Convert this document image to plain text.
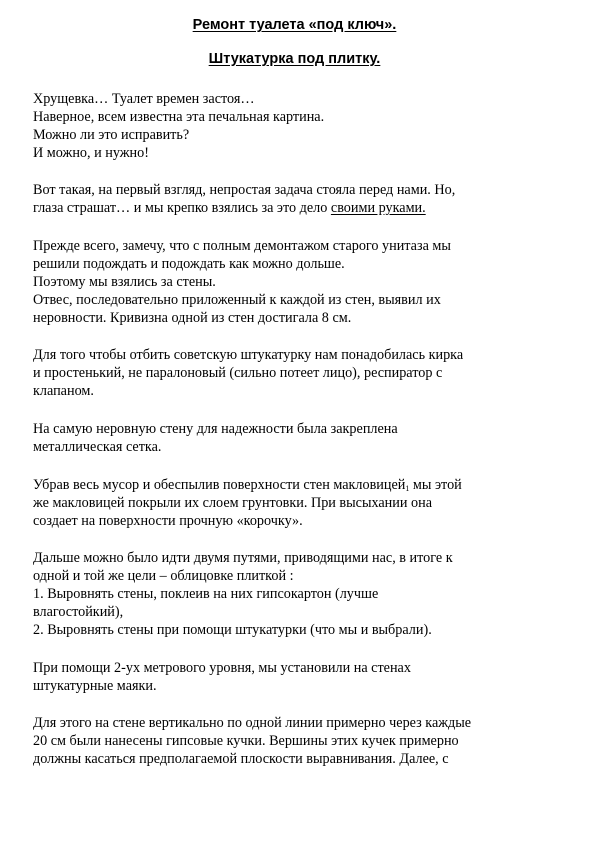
Ремонт туалета «под ключ».
Штукатурка под плитку.
Хрущевка… Туалет времен застоя…
Наверное, всем известна эта печальная картина.
Можно ли это исправить?
И можно, и нужно!
Вот такая, на первый взгляд, непростая задача стояла перед нами. Но,
глаза страшат… и мы крепко взялись за это дело своими руками.
Прежде всего, замечу, что с полным демонтажом старого унитаза мы
решили подождать и подождать как можно дольше.
Поэтому мы взялись за стены.
Отвес, последовательно приложенный к каждой из стен, выявил их
неровности. Кривизна одной из стен достигала 8 см.
Для того чтобы отбить советскую штукатурку нам понадобилась кирка
и простенький, не паралоновый (сильно потеет лицо), респиратор с
клапаном.
На самую неровную стену для надежности была закреплена
металлическая сетка.
Убрав весь мусор и обеспылив поверхности стен макловицей$_1$ мы этой
же макловицей покрыли их слоем грунтовки. При высыхании она
создает на поверхности прочную «корочку».
Дальше можно было идти двумя путями, приводящими нас, в итоге к
одной и той же цели – облицовке плиткой :
1. Выровнять стены, поклеив на них гипсокартон (лучше
влагостойкий),
2. Выровнять стены при помощи штукатурки (что мы и выбрали).
При помощи 2-ух метрового уровня, мы установили на стенах
штукатурные маяки.
Для этого на стене вертикально по одной линии примерно через каждые
20 см были нанесены гипсовые кучки. Вершины этих кучек примерно
должны касаться предполагаемой плоскости выравнивания. Далее, с
